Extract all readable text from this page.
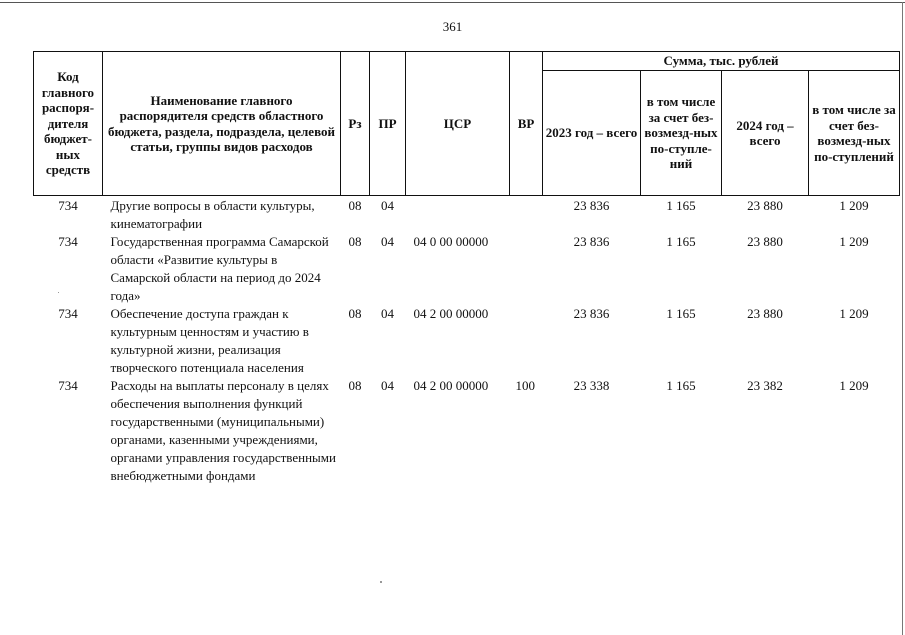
361
Код главного распоря-дителя бюджет-ных средств	Наименование главного распорядителя средств областного бюджета, раздела, подраздела, целевой статьи, группы видов расходов	Рз	ПР	ЦСР	ВР	Сумма, тыс. рублей			
						2023 год – всего	в том числе за счет без-возмезд-ных по-ступле-ний	2024 год – всего	в том числе за счет без-возмезд-ных по-ступлений
734	Другие вопросы в области культуры, кинематографии	08	04			23 836	1 165	23 880	1 209
734	Государственная программа Самарской области «Развитие культуры в Самарской области на период до 2024 года»	08	04	04 0 00 00000		23 836	1 165	23 880	1 209
734	Обеспечение доступа граждан к культурным ценностям и участию в культурной жизни, реализация творческого потенциала населения	08	04	04 2 00 00000		23 836	1 165	23 880	1 209
734	Расходы на выплаты персоналу в целях обеспечения выполнения функций государственными (муниципальными) органами, казенными учреждениями, органами управления государственными внебюджетными фондами	08	04	04 2 00 00000	100	23 338	1 165	23 382	1 209
